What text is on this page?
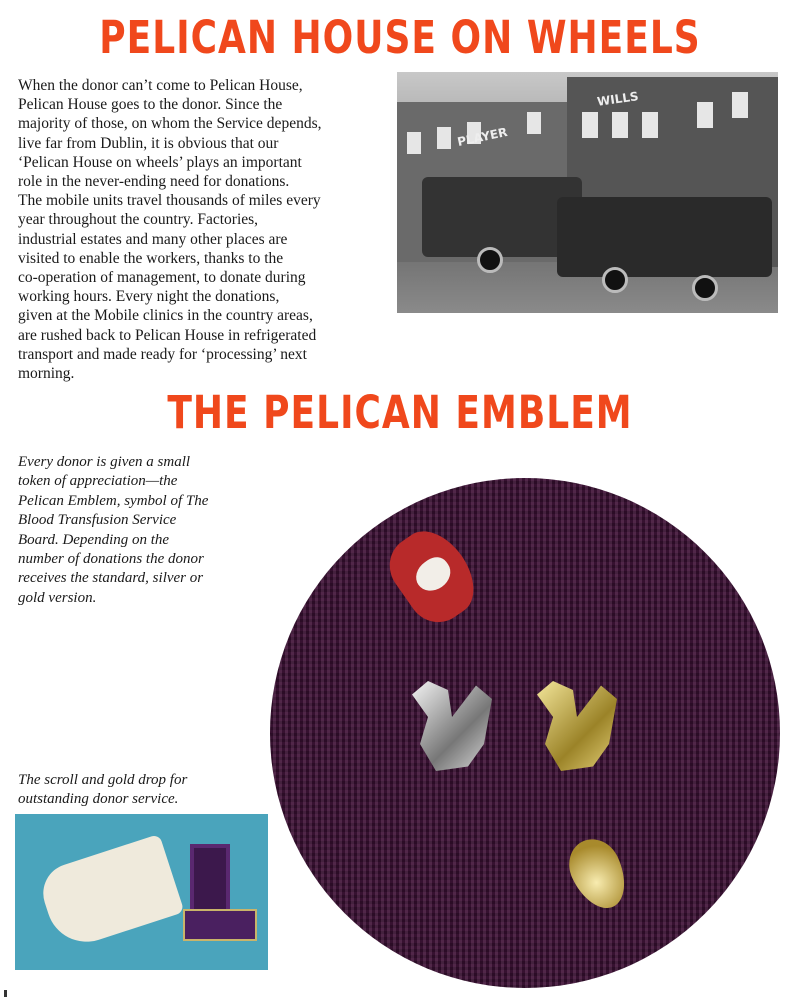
PELICAN HOUSE ON WHEELS
When the donor can’t come to Pelican House,
Pelican House goes to the donor. Since the
majority of those, on whom the Service depends,
live far from Dublin, it is obvious that our
‘Pelican House on wheels’ plays an important
role in the never-ending need for donations.
The mobile units travel thousands of miles every
year throughout the country. Factories,
industrial estates and many other places are
visited to enable the workers, thanks to the
co-operation of management, to donate during
working hours. Every night the donations,
given at the Mobile clinics in the country areas,
are rushed back to Pelican House in refrigerated
transport and made ready for ‘processing’ next
morning.
PLAYER
WILLS
THE PELICAN EMBLEM
Every donor is given a small
token of appreciation—the
Pelican Emblem, symbol of The
Blood Transfusion Service
Board. Depending on the
number of donations the donor
receives the standard, silver or
gold version.
The scroll and gold drop for
outstanding donor service.
